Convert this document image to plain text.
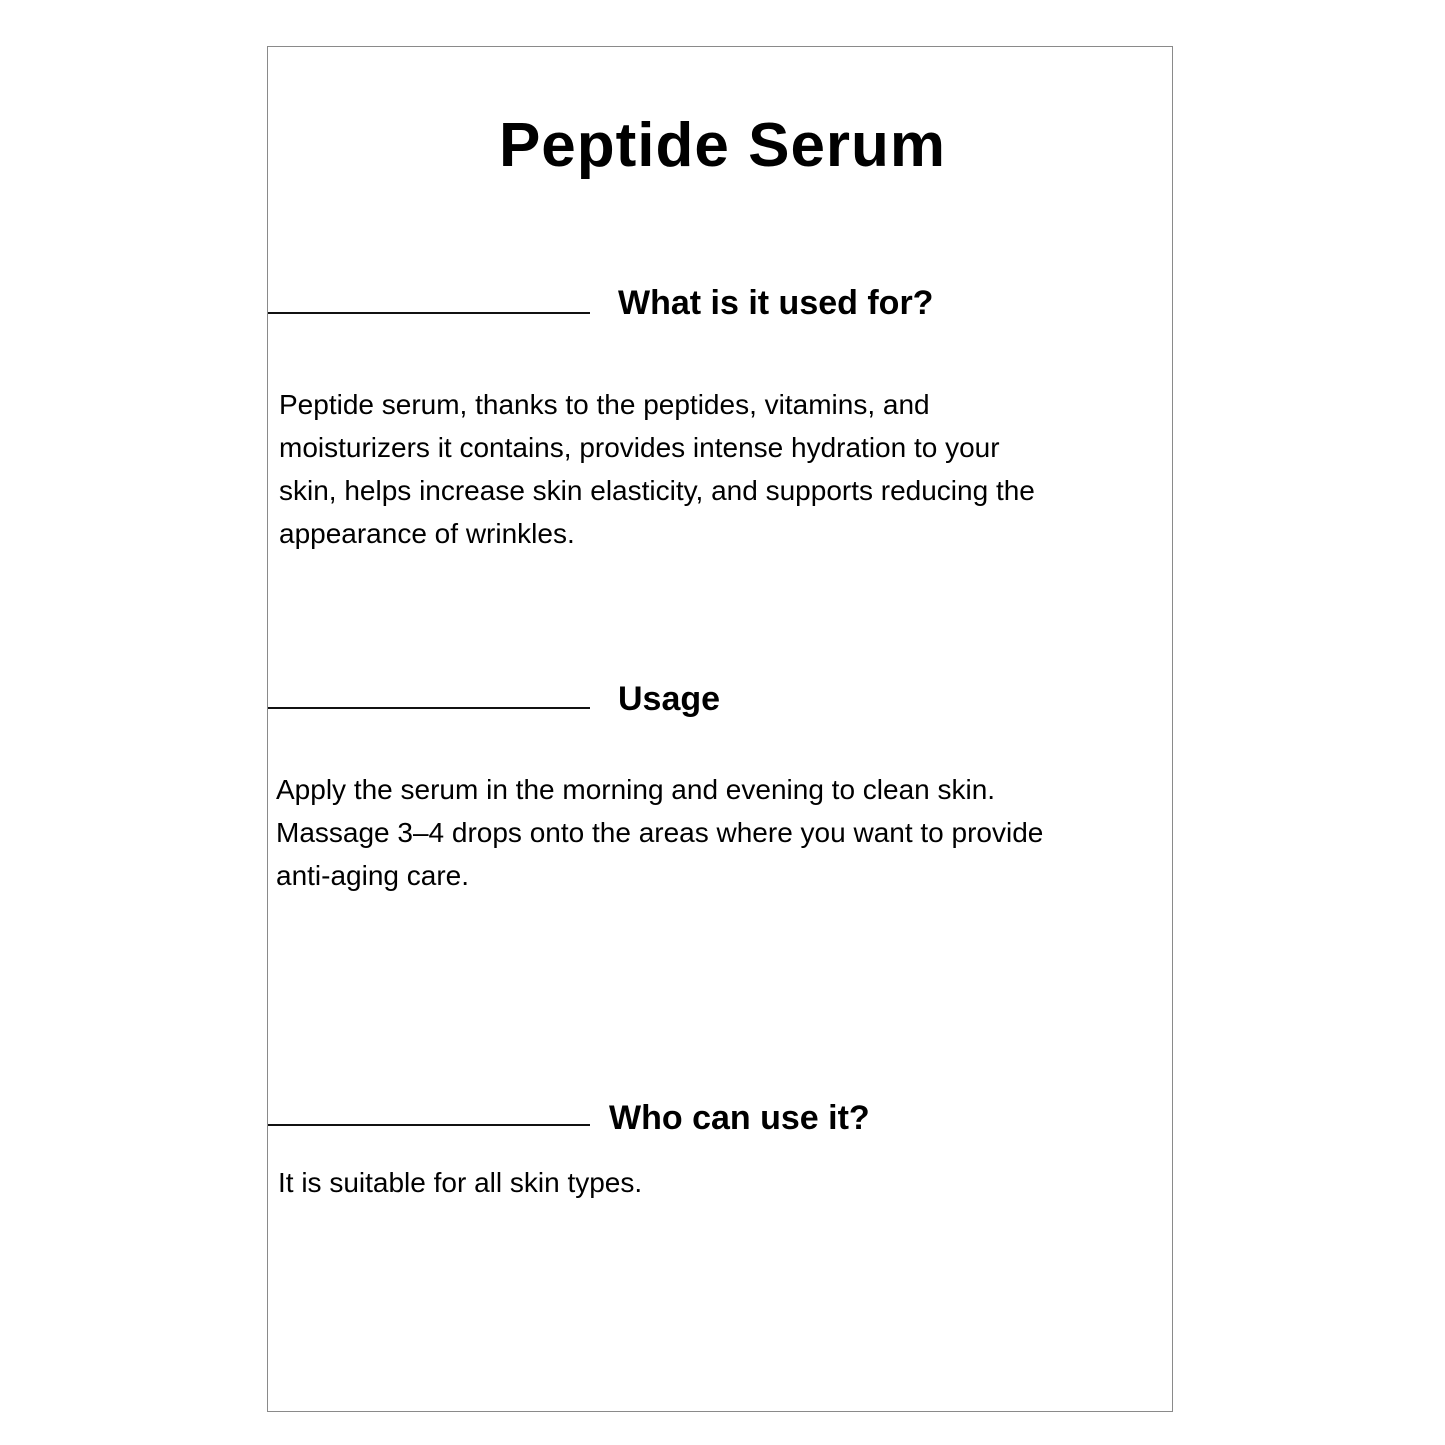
Peptide Serum
What is it used for?
Peptide serum, thanks to the peptides, vitamins, and
moisturizers it contains, provides intense hydration to your
skin, helps increase skin elasticity, and supports reducing the
appearance of wrinkles.
Usage
Apply the serum in the morning and evening to clean skin.
Massage 3–4 drops onto the areas where you want to provide
anti-aging care.
Who can use it?
It is suitable for all skin types.
